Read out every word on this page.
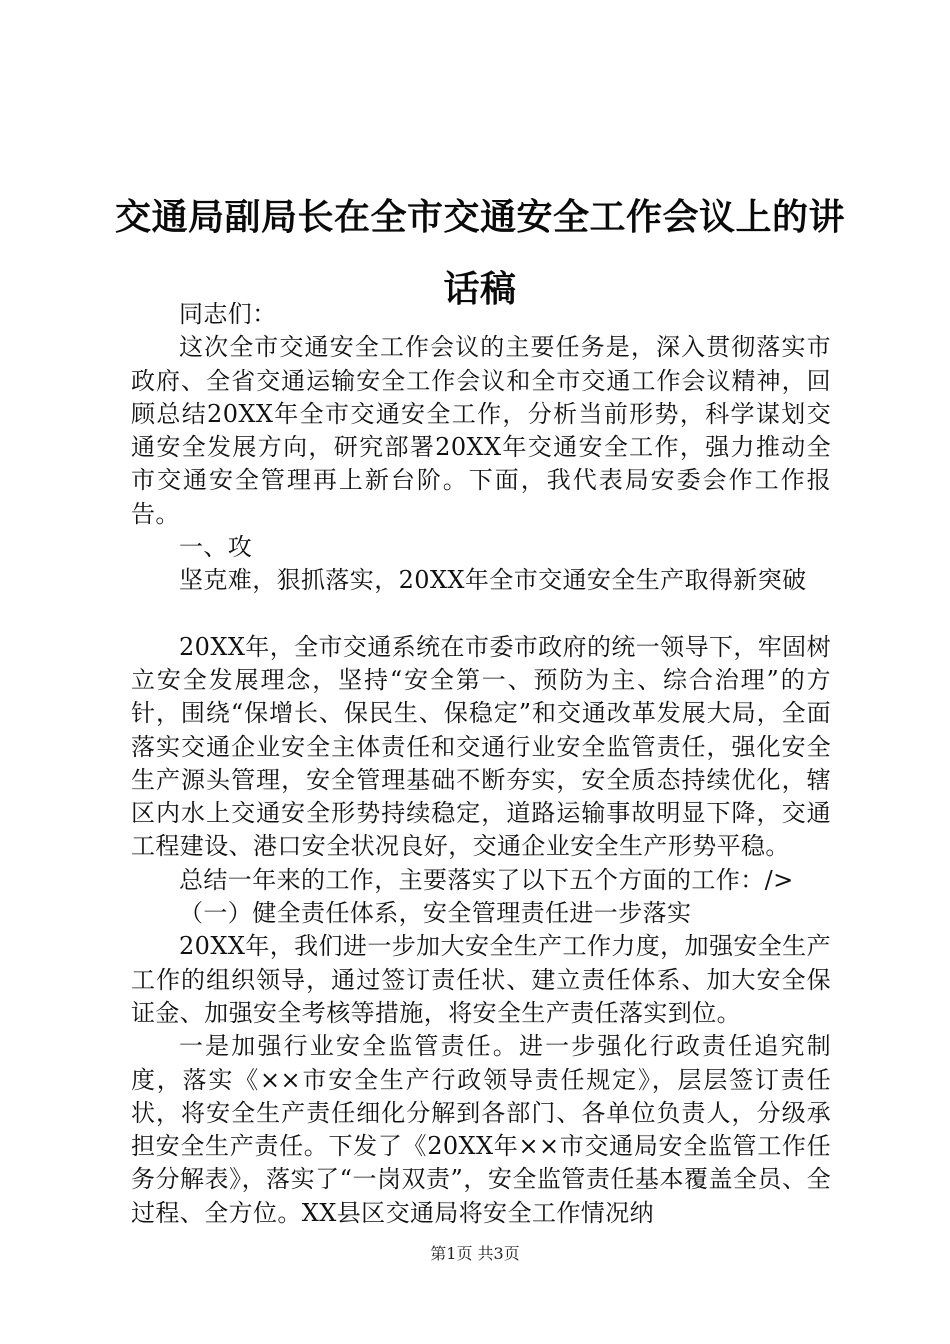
交通局副局长在全市交通安全工作会议上的讲
话稿

同志们：

这次全市交通安全工作会议的主要任务是，深入贯彻落实市政府、全省交通运输安全工作会议和全市交通工作会议精神，回顾总结20XX年全市交通安全工作，分析当前形势，科学谋划交通安全发展方向，研究部署20XX年交通安全工作，强力推动全市交通安全管理再上新台阶。下面，我代表局安委会作工作报告。

一、攻

坚克难，狠抓落实，20XX年全市交通安全生产取得新突破

20XX年，全市交通系统在市委市政府的统一领导下，牢固树立安全发展理念，坚持“安全第一、预防为主、综合治理”的方针，围绕“保增长、保民生、保稳定”和交通改革发展大局，全面落实交通企业安全主体责任和交通行业安全监管责任，强化安全生产源头管理，安全管理基础不断夯实，安全质态持续优化，辖区内水上交通安全形势持续稳定，道路运输事故明显下降，交通工程建设、港口安全状况良好，交通企业安全生产形势平稳。

总结一年来的工作，主要落实了以下五个方面的工作：/>

（一）健全责任体系，安全管理责任进一步落实

20XX年，我们进一步加大安全生产工作力度，加强安全生产工作的组织领导，通过签订责任状、建立责任体系、加大安全保证金、加强安全考核等措施，将安全生产责任落实到位。

一是加强行业安全监管责任。进一步强化行政责任追究制度，落实《××市安全生产行政领导责任规定》，层层签订责任状，将安全生产责任细化分解到各部门、各单位负责人，分级承担安全生产责任。下发了《20XX年××市交通局安全监管工作任务分解表》，落实了“一岗双责”，安全监管责任基本覆盖全员、全过程、全方位。XX县区交通局将安全工作情况纳

第1页 共3页
